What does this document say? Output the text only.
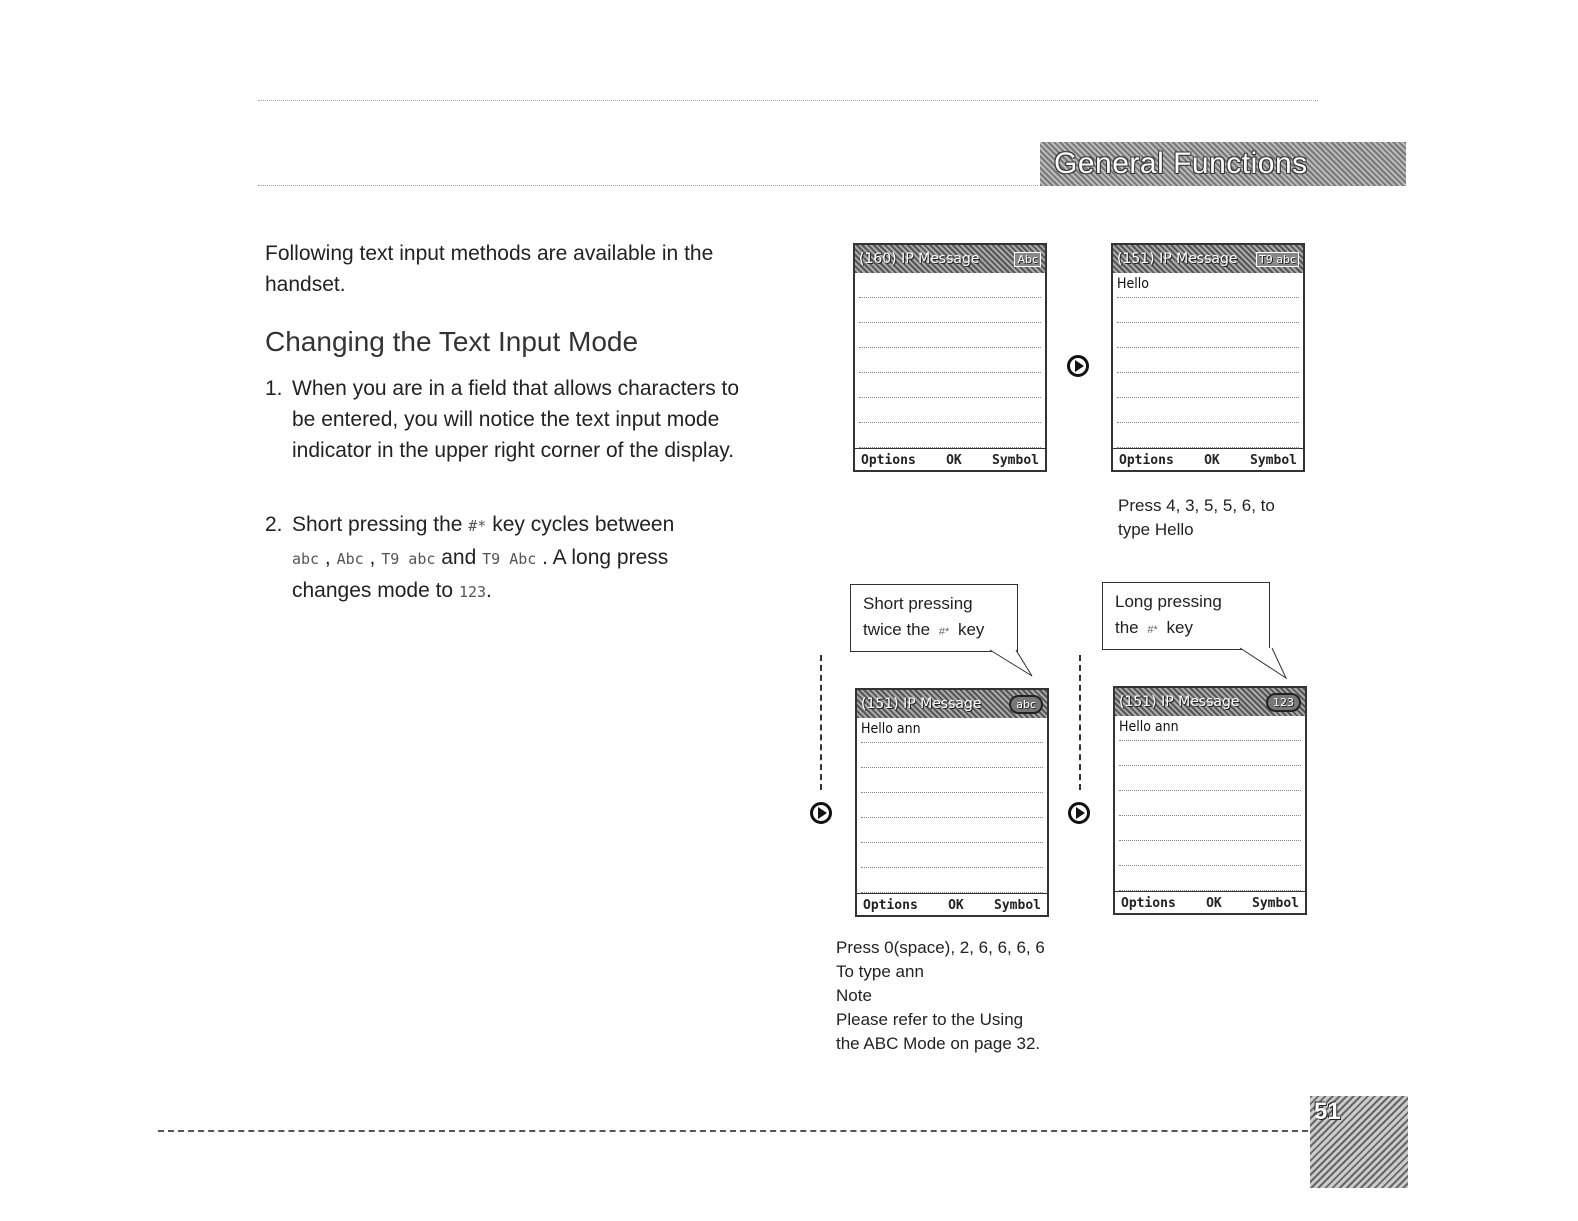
General Functions
Following text input methods are available in the handset.
Changing the Text Input Mode
1. When you are in a field that allows characters to be entered, you will notice the text input mode indicator in the upper right corner of the display.
2. Short pressing the #* key cycles between
abc , Abc , T9 abc and T9 Abc . A long press
changes mode to 123.
(160) IP Message	Abc
Options OK Symbol
(151) IP Message T9 abc
Hello
Options OK Symbol
Press 4, 3, 5, 5, 6, to
type Hello
Short pressing
twice the #* key
Long pressing
the #* key
(151) IP Message	abc
Hello ann
Options OK Symbol
(151) IP Message	123
Hello ann
Options OK Symbol
Press 0(space), 2, 6, 6, 6, 6
To type ann
Note
Please refer to the Using
the ABC Mode on page 32.
51
